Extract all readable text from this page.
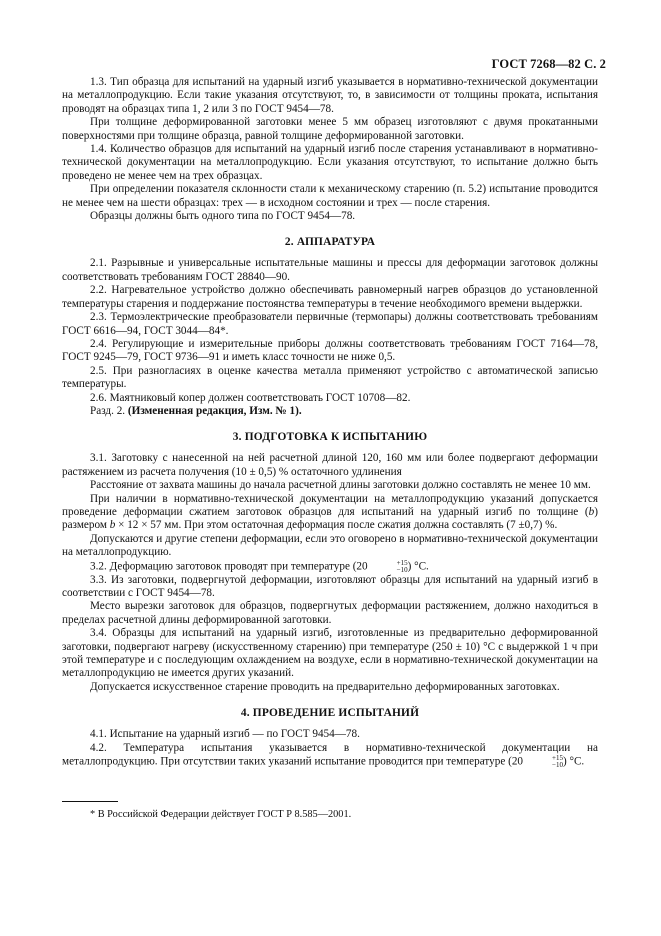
ГОСТ 7268—82 С. 2

1.3. Тип образца для испытаний на ударный изгиб указывается в нормативно-технической документации на металлопродукцию. Если такие указания отсутствуют, то, в зависимости от толщины проката, испытания проводят на образцах типа 1, 2 или 3 по ГОСТ 9454—78.

При толщине деформированной заготовки менее 5 мм образец изготовляют с двумя прокатанными поверхностями при толщине образца, равной толщине деформированной заготовки.

1.4. Количество образцов для испытаний на ударный изгиб после старения устанавливают в нормативно-технической документации на металлопродукцию. Если указания отсутствуют, то испытание должно быть проведено не менее чем на трех образцах.

При определении показателя склонности стали к механическому старению (п. 5.2) испытание проводится не менее чем на шести образцах: трех — в исходном состоянии и трех — после старения.

Образцы должны быть одного типа по ГОСТ 9454—78.

2. АППАРАТУРА

2.1. Разрывные и универсальные испытательные машины и прессы для деформации заготовок должны соответствовать требованиям ГОСТ 28840—90.

2.2. Нагревательное устройство должно обеспечивать равномерный нагрев образцов до установленной температуры старения и поддержание постоянства температуры в течение необходимого времени выдержки.

2.3. Термоэлектрические преобразователи первичные (термопары) должны соответствовать требованиям ГОСТ 6616—94, ГОСТ 3044—84*.

2.4. Регулирующие и измерительные приборы должны соответствовать требованиям ГОСТ 7164—78, ГОСТ 9245—79, ГОСТ 9736—91 и иметь класс точности не ниже 0,5.

2.5. При разногласиях в оценке качества металла применяют устройство с автоматической записью температуры.

2.6. Маятниковый копер должен соответствовать ГОСТ 10708—82.

Разд. 2. (Измененная редакция, Изм. № 1).

3. ПОДГОТОВКА К ИСПЫТАНИЮ

3.1. Заготовку с нанесенной на ней расчетной длиной 120, 160 мм или более подвергают деформации растяжением из расчета получения (10 ± 0,5) % остаточного удлинения

Расстояние от захвата машины до начала расчетной длины заготовки должно составлять не менее 10 мм.

При наличии в нормативно-технической документации на металлопродукцию указаний допускается проведение деформации сжатием заготовок образцов для испытаний на ударный изгиб по толщине (b) размером b × 12 × 57 мм. При этом остаточная деформация после сжатия должна составлять (7 ±0,7) %.

Допускаются и другие степени деформации, если это оговорено в нормативно-технической документации на металлопродукцию.

3.2. Деформацию заготовок проводят при температуре (20	+15
−10 ) °С.

3.3. Из заготовки, подвергнутой деформации, изготовляют образцы для испытаний на ударный изгиб в соответствии с ГОСТ 9454—78.

Место вырезки заготовок для образцов, подвергнутых деформации растяжением, должно находиться в пределах расчетной длины деформированной заготовки.

3.4. Образцы для испытаний на ударный изгиб, изготовленные из предварительно деформированной заготовки, подвергают нагреву (искусственному старению) при температуре (250 ± 10) °С с выдержкой 1 ч при этой температуре и с последующим охлаждением на воздухе, если в нормативно-технической документации на металлопродукцию не имеется других указаний.

Допускается искусственное старение проводить на предварительно деформированных заготовках.

4. ПРОВЕДЕНИЕ ИСПЫТАНИЙ

4.1. Испытание на ударный изгиб — по ГОСТ 9454—78.

4.2. Температура испытания указывается в нормативно-технической документации на металлопродукцию. При отсутствии таких указаний испытание проводится при температуре (20	+15
−10 ) °С.

* В Российской Федерации действует ГОСТ Р 8.585—2001.
